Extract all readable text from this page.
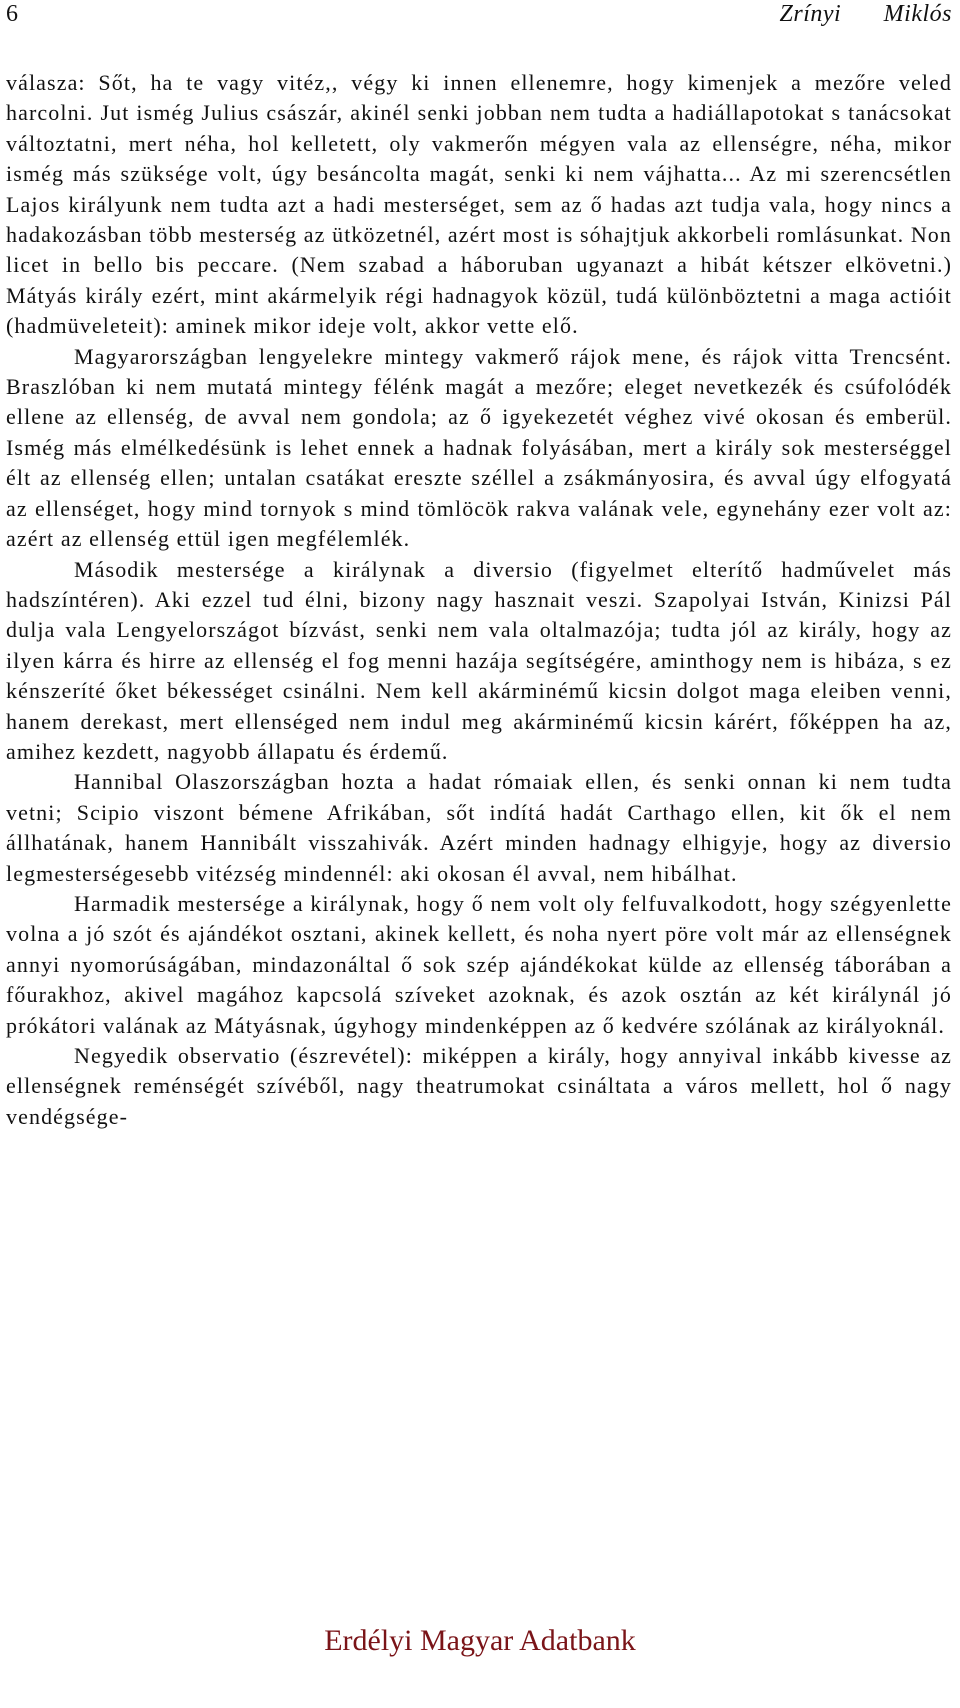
6	Zrínyi Miklós

válasza: Sőt, ha te vagy vitéz,, végy ki innen ellenemre, hogy kimenjek a mezőre veled harcolni. Jut ismég Julius császár, akinél senki jobban nem tudta a hadiállapotokat s tanácsokat változtatni, mert néha, hol kelletett, oly vakmerőn mégyen vala az ellenségre, néha, mikor ismég más szüksége volt, úgy besáncolta magát, senki ki nem vájhatta... Az mi szerencsétlen Lajos királyunk nem tudta azt a hadi mesterséget, sem az ő hadas azt tudja vala, hogy nincs a hadakozásban több mesterség az ütközetnél, azért most is sóhajtjuk akkorbeli romlásunkat. Non licet in bello bis peccare. (Nem szabad a háboruban ugyanazt a hibát kétszer elkövetni.) Mátyás király ezért, mint akármelyik régi hadnagyok közül, tudá különböztetni a maga actióit (hadmüveleteit): aminek mikor ideje volt, akkor vette elő.

Magyarországban lengyelekre mintegy vakmerő rájok mene, és rájok vitta Trencsént. Braszlóban ki nem mutatá mintegy félénk magát a mezőre; eleget nevetkezék és csúfolódék ellene az ellenség, de avval nem gondola; az ő igyekezetét véghez vivé okosan és emberül. Ismég más elmélkedésünk is lehet ennek a hadnak folyásában, mert a király sok mesterséggel élt az ellenség ellen; untalan csatákat ereszte széllel a zsákmányosira, és avval úgy elfogyatá az ellenséget, hogy mind tornyok s mind tömlöcök rakva valának vele, egynehány ezer volt az: azért az ellenség ettül igen megfélemlék.

Második mestersége a királynak a diversio (figyelmet elterítő hadművelet más hadszíntéren). Aki ezzel tud élni, bizony nagy hasznait veszi. Szapolyai István, Kinizsi Pál dulja vala Lengyelországot bízvást, senki nem vala oltalmazója; tudta jól az király, hogy az ilyen kárra és hirre az ellenség el fog menni hazája segítségére, aminthogy nem is hibáza, s ez kénszeríté őket békességet csinálni. Nem kell akárminémű kicsin dolgot maga eleiben venni, hanem derekast, mert ellenséged nem indul meg akárminémű kicsin kárért, főképpen ha az, amihez kezdett, nagyobb állapatu és érdemű.

Hannibal Olaszországban hozta a hadat rómaiak ellen, és senki onnan ki nem tudta vetni; Scipio viszont bémene Afrikában, sőt indítá hadát Carthago ellen, kit ők el nem állhatának, hanem Hannibált visszahivák. Azért minden hadnagy elhigyje, hogy az diversio legmesterségesebb vitézség mindennél: aki okosan él avval, nem hibálhat.

Harmadik mestersége a királynak, hogy ő nem volt oly felfuvalkodott, hogy szégyenlette volna a jó szót és ajándékot osztani, akinek kellett, és noha nyert pöre volt már az ellenségnek annyi nyomorúságában, mindazonáltal ő sok szép ajándékokat külde az ellenség táborában a főurakhoz, akivel magához kapcsolá szíveket azoknak, és azok osztán az két királynál jó prókátori valának az Mátyásnak, úgyhogy mindenképpen az ő kedvére szólának az királyoknál.

Negyedik observatio (észrevétel): miképpen a király, hogy annyival inkább kivesse az ellenségnek reménségét szívéből, nagy theatrumokat csináltata a város mellett, hol ő nagy vendégsége-

Erdélyi Magyar Adatbank
